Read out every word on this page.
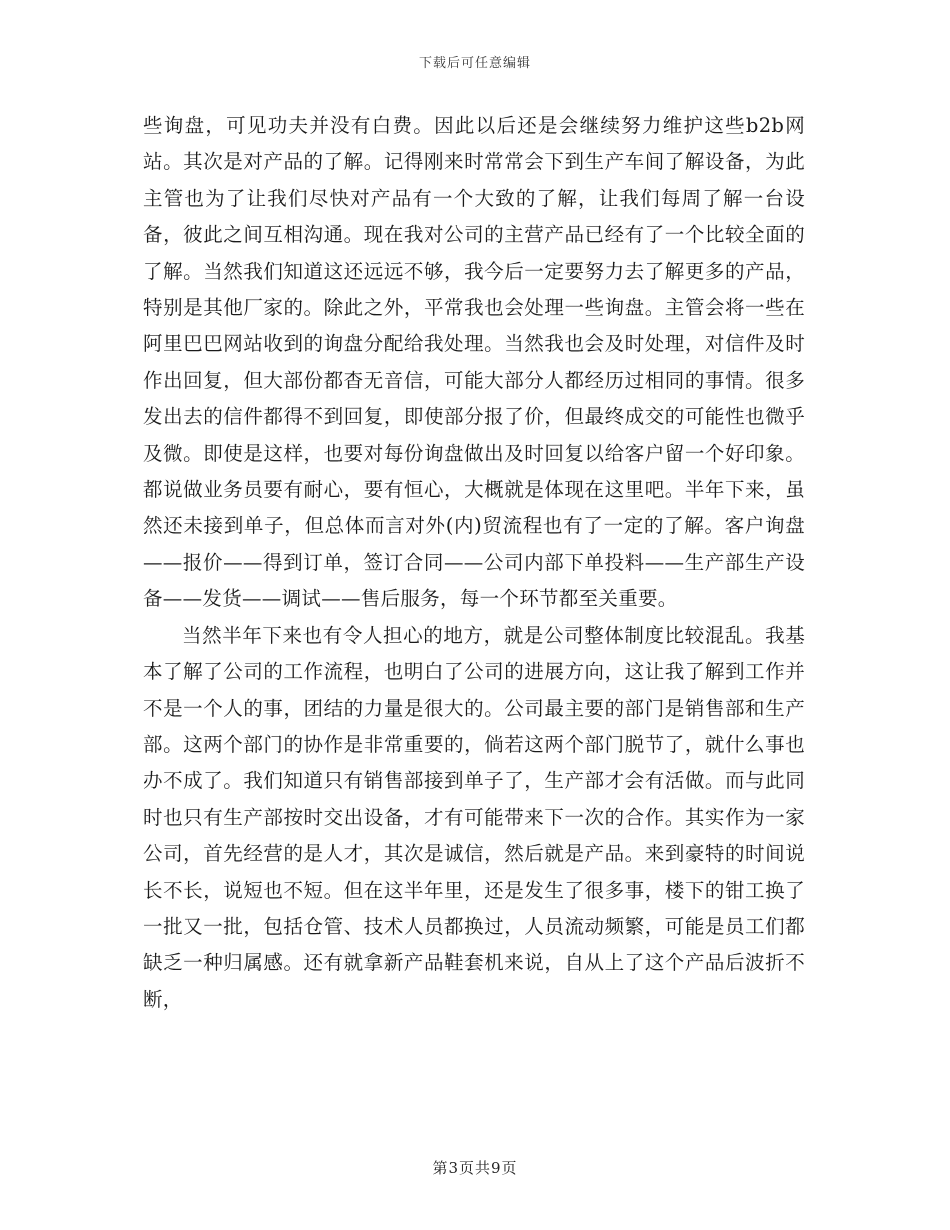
下载后可任意编辑

些询盘，可见功夫并没有白费。因此以后还是会继续努力维护这些b2b网站。其次是对产品的了解。记得刚来时常常会下到生产车间了解设备，为此主管也为了让我们尽快对产品有一个大致的了解，让我们每周了解一台设备，彼此之间互相沟通。现在我对公司的主营产品已经有了一个比较全面的了解。当然我们知道这还远远不够，我今后一定要努力去了解更多的产品，特别是其他厂家的。除此之外，平常我也会处理一些询盘。主管会将一些在阿里巴巴网站收到的询盘分配给我处理。当然我也会及时处理，对信件及时作出回复，但大部份都杳无音信，可能大部分人都经历过相同的事情。很多发出去的信件都得不到回复，即使部分报了价，但最终成交的可能性也微乎及微。即使是这样，也要对每份询盘做出及时回复以给客户留一个好印象。都说做业务员要有耐心，要有恒心，大概就是体现在这里吧。半年下来，虽然还未接到单子，但总体而言对外(内)贸流程也有了一定的了解。客户询盘——报价——得到订单，签订合同——公司内部下单投料——生产部生产设备——发货——调试——售后服务，每一个环节都至关重要。

当然半年下来也有令人担心的地方，就是公司整体制度比较混乱。我基本了解了公司的工作流程，也明白了公司的进展方向，这让我了解到工作并不是一个人的事，团结的力量是很大的。公司最主要的部门是销售部和生产部。这两个部门的协作是非常重要的，倘若这两个部门脱节了，就什么事也办不成了。我们知道只有销售部接到单子了，生产部才会有活做。而与此同时也只有生产部按时交出设备，才有可能带来下一次的合作。其实作为一家公司，首先经营的是人才，其次是诚信，然后就是产品。来到豪特的时间说长不长，说短也不短。但在这半年里，还是发生了很多事，楼下的钳工换了一批又一批，包括仓管、技术人员都换过，人员流动频繁，可能是员工们都缺乏一种归属感。还有就拿新产品鞋套机来说，自从上了这个产品后波折不断，

第3页共9页
